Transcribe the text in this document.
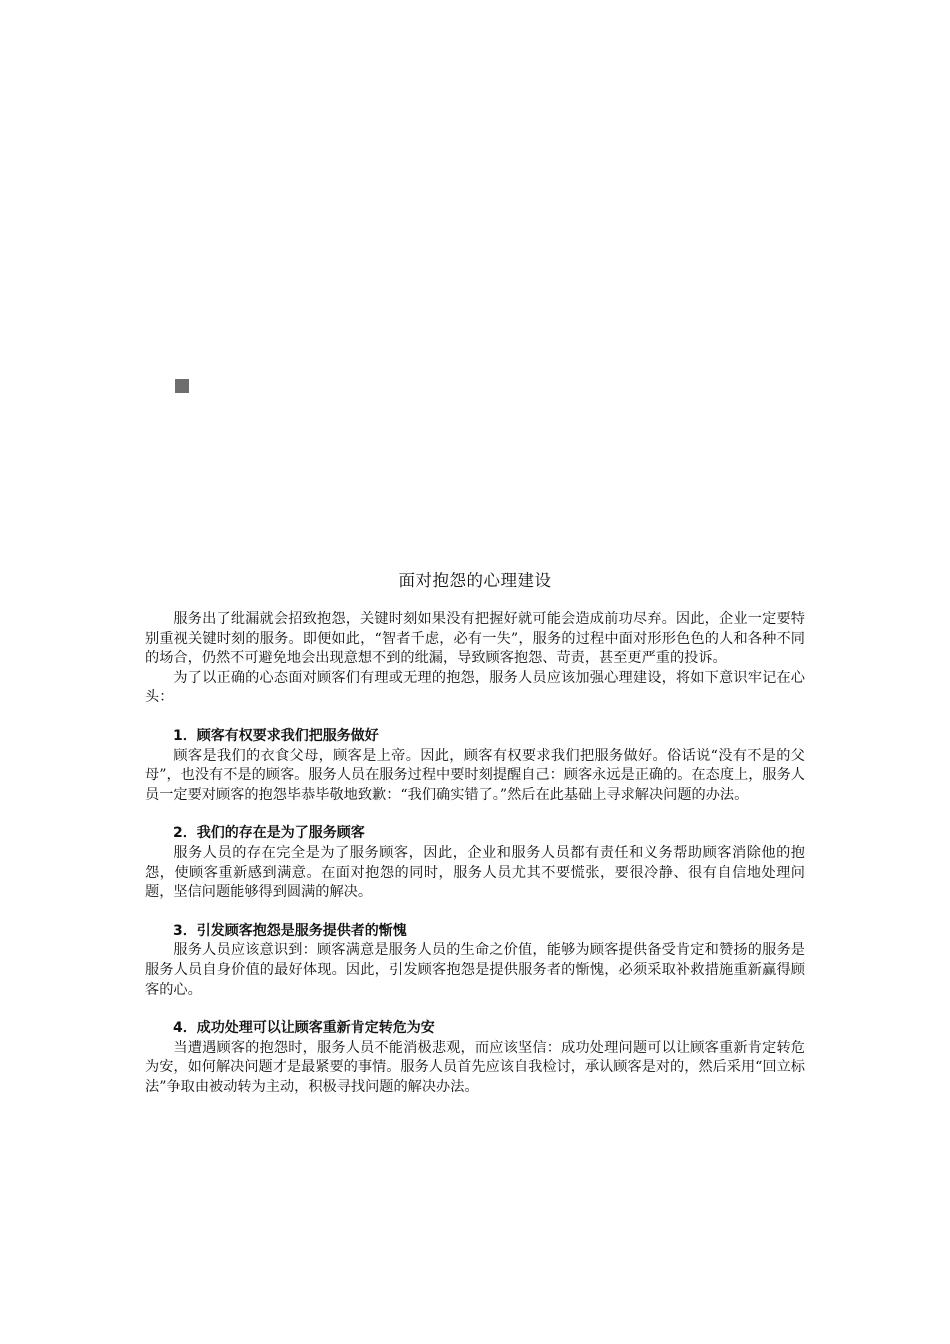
面对抱怨的心理建设

服务出了纰漏就会招致抱怨，关键时刻如果没有把握好就可能会造成前功尽弃。因此，企业一定要特别重视关键时刻的服务。即便如此，“智者千虑，必有一失”，服务的过程中面对形形色色的人和各种不同的场合，仍然不可避免地会出现意想不到的纰漏，导致顾客抱怨、苛责，甚至更严重的投诉。

为了以正确的心态面对顾客们有理或无理的抱怨，服务人员应该加强心理建设，将如下意识牢记在心头：

1．顾客有权要求我们把服务做好

顾客是我们的衣食父母，顾客是上帝。因此，顾客有权要求我们把服务做好。俗话说“没有不是的父母”，也没有不是的顾客。服务人员在服务过程中要时刻提醒自己：顾客永远是正确的。在态度上，服务人员一定要对顾客的抱怨毕恭毕敬地致歉：“我们确实错了。”然后在此基础上寻求解决问题的办法。

2．我们的存在是为了服务顾客

服务人员的存在完全是为了服务顾客，因此，企业和服务人员都有责任和义务帮助顾客消除他的抱怨，使顾客重新感到满意。在面对抱怨的同时，服务人员尤其不要慌张，要很冷静、很有自信地处理问题，坚信问题能够得到圆满的解决。

3．引发顾客抱怨是服务提供者的惭愧

服务人员应该意识到：顾客满意是服务人员的生命之价值，能够为顾客提供备受肯定和赞扬的服务是服务人员自身价值的最好体现。因此，引发顾客抱怨是提供服务者的惭愧，必须采取补救措施重新赢得顾客的心。

4．成功处理可以让顾客重新肯定转危为安

当遭遇顾客的抱怨时，服务人员不能消极悲观，而应该坚信：成功处理问题可以让顾客重新肯定转危为安，如何解决问题才是最紧要的事情。服务人员首先应该自我检讨，承认顾客是对的，然后采用“回立标法”争取由被动转为主动，积极寻找问题的解决办法。
